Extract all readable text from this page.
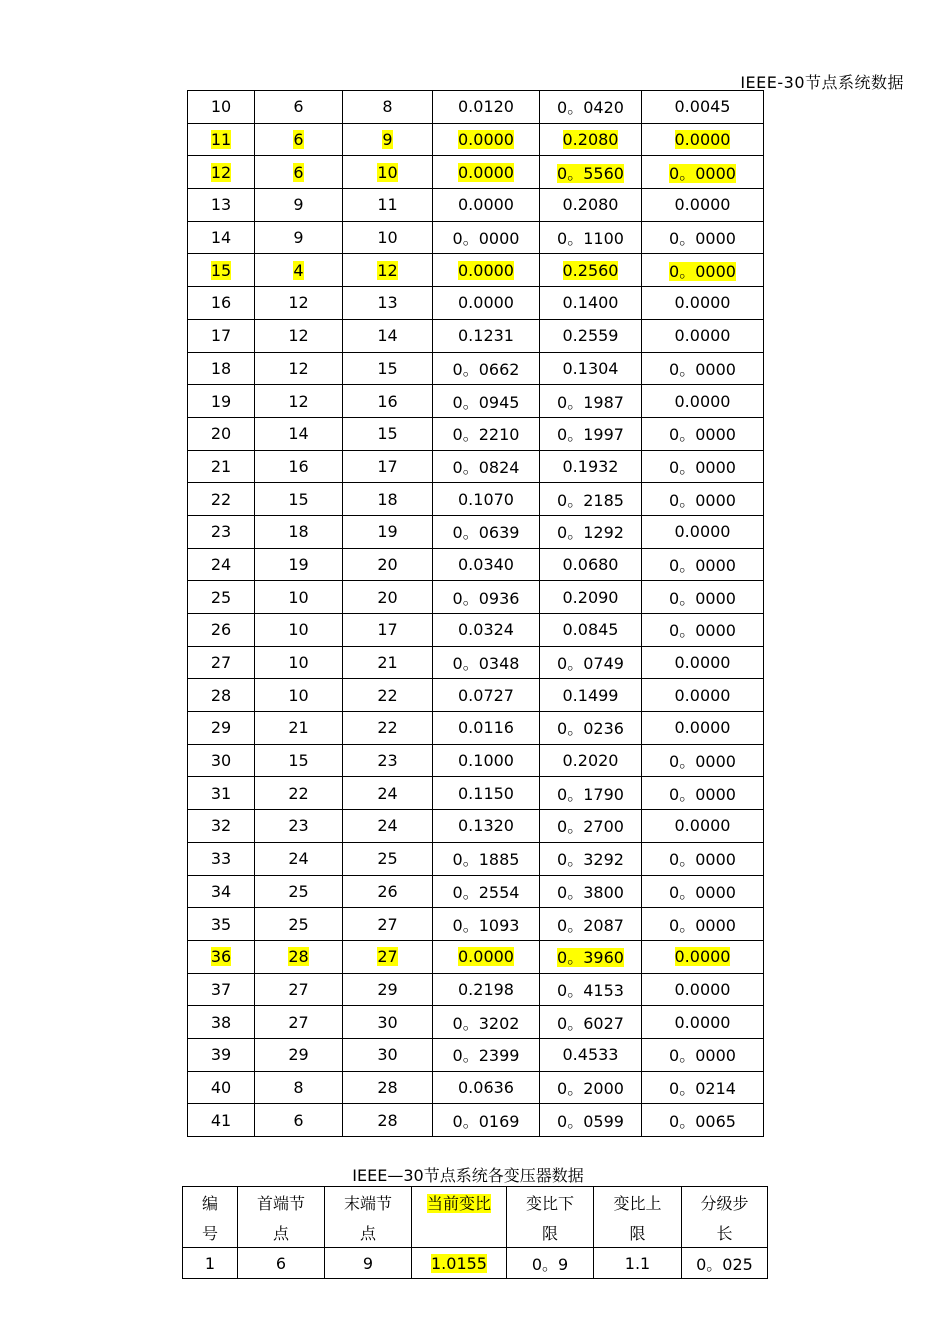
IEEE-30节点系统数据
10	6	8	0.0120	0。0420	0.0045
11	6	9	0.0000	0.2080	0.0000
12	6	10	0.0000	0。5560	0。0000
13	9	11	0.0000	0.2080	0.0000
14	9	10	0。0000	0。1100	0。0000
15	4	12	0.0000	0.2560	0。0000
16	12	13	0.0000	0.1400	0.0000
17	12	14	0.1231	0.2559	0.0000
18	12	15	0。0662	0.1304	0。0000
19	12	16	0。0945	0。1987	0.0000
20	14	15	0。2210	0。1997	0。0000
21	16	17	0。0824	0.1932	0。0000
22	15	18	0.1070	0。2185	0。0000
23	18	19	0。0639	0。1292	0.0000
24	19	20	0.0340	0.0680	0。0000
25	10	20	0。0936	0.2090	0。0000
26	10	17	0.0324	0.0845	0。0000
27	10	21	0。0348	0。0749	0.0000
28	10	22	0.0727	0.1499	0.0000
29	21	22	0.0116	0。0236	0.0000
30	15	23	0.1000	0.2020	0。0000
31	22	24	0.1150	0。1790	0。0000
32	23	24	0.1320	0。2700	0.0000
33	24	25	0。1885	0。3292	0。0000
34	25	26	0。2554	0。3800	0。0000
35	25	27	0。1093	0。2087	0。0000
36	28	27	0.0000	0。3960	0.0000
37	27	29	0.2198	0。4153	0.0000
38	27	30	0。3202	0。6027	0.0000
39	29	30	0。2399	0.4533	0。0000
40	8	28	0.0636	0。2000	0。0214
41	6	28	0。0169	0。0599	0。0065
IEEE—30节点系统各变压器数据
编	首端节	末端节	当前变比	变比下	变比上	分级步
号	点	点		限	限	长
1	6	9	1.0155	0。9	1.1	0。025
